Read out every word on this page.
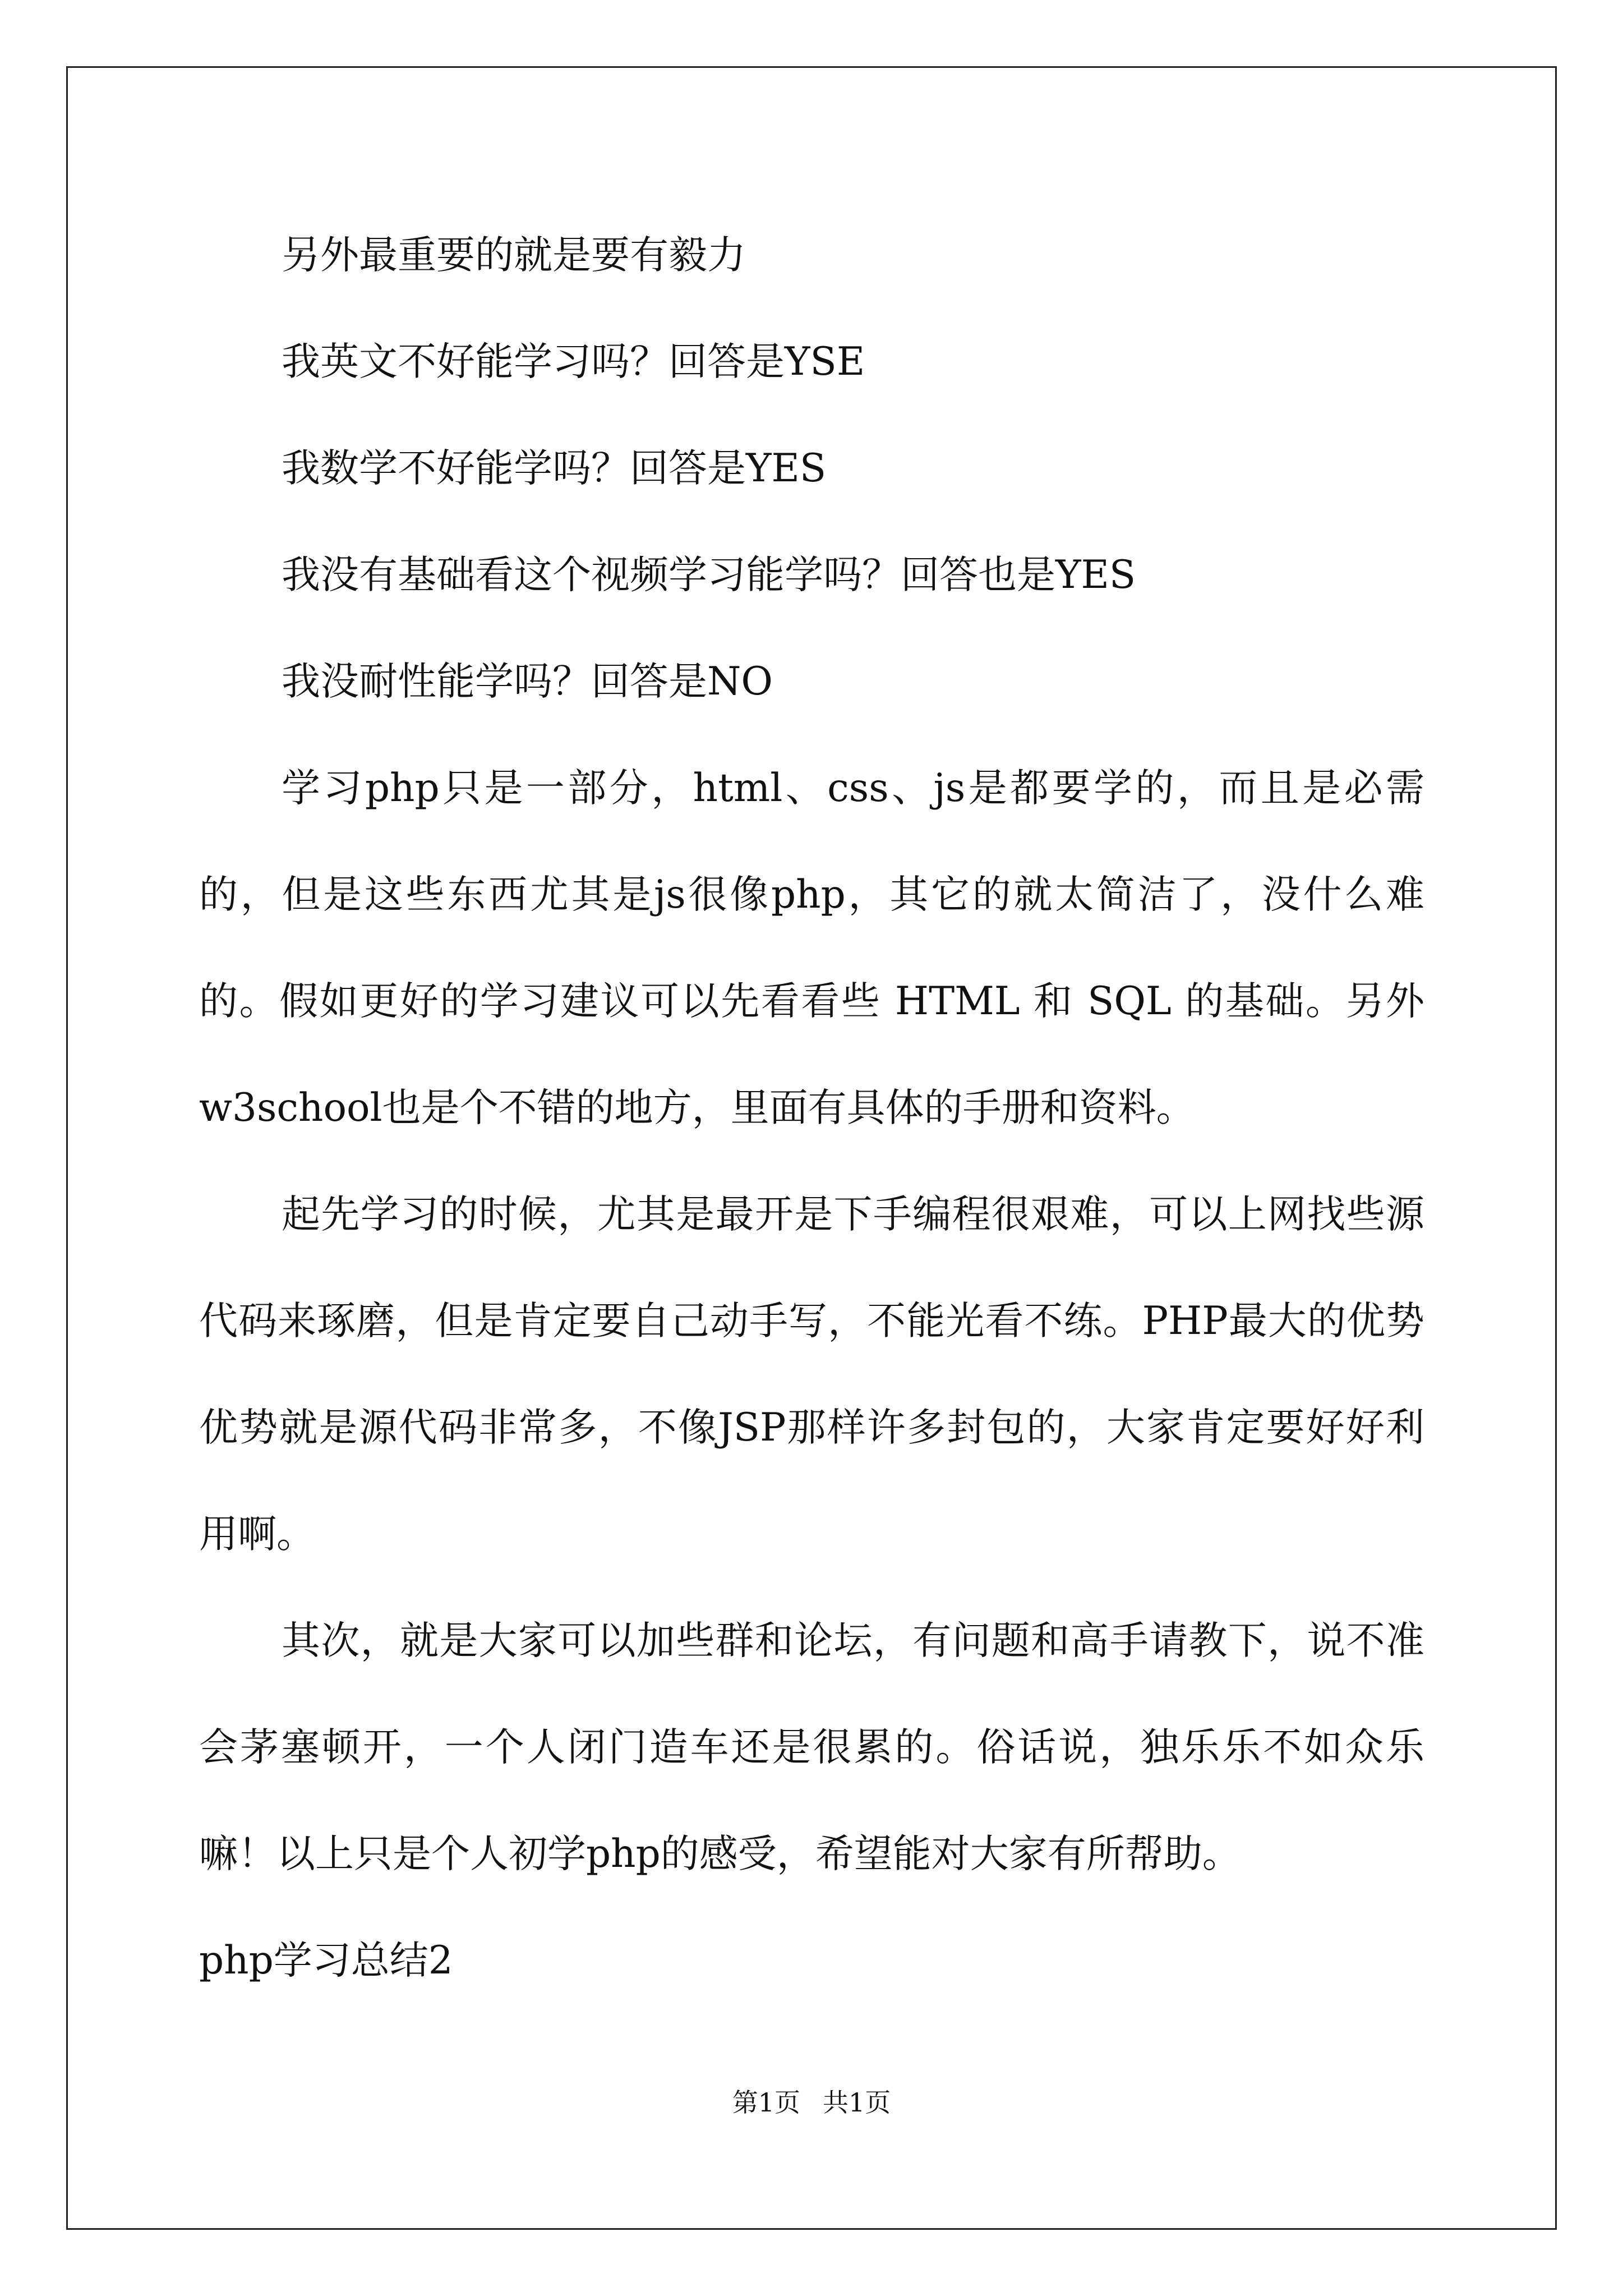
另外最重要的就是要有毅力

我英文不好能学习吗？回答是YSE

我数学不好能学吗？回答是YES

我没有基础看这个视频学习能学吗？回答也是YES

我没耐性能学吗？回答是NO

学习php只是一部分，html、css、js是都要学的，而且是必需的，但是这些东西尤其是js很像php，其它的就太简洁了，没什么难的。假如更好的学习建议可以先看看些 HTML 和 SQL 的基础。另外w3school也是个不错的地方，里面有具体的手册和资料。

起先学习的时候，尤其是最开是下手编程很艰难，可以上网找些源代码来琢磨，但是肯定要自己动手写，不能光看不练。PHP最大的优势优势就是源代码非常多，不像JSP那样许多封包的，大家肯定要好好利用啊。

其次，就是大家可以加些群和论坛，有问题和高手请教下，说不准会茅塞顿开，一个人闭门造车还是很累的。俗话说，独乐乐不如众乐嘛！以上只是个人初学php的感受，希望能对大家有所帮助。

php学习总结2

第1页 共1页
